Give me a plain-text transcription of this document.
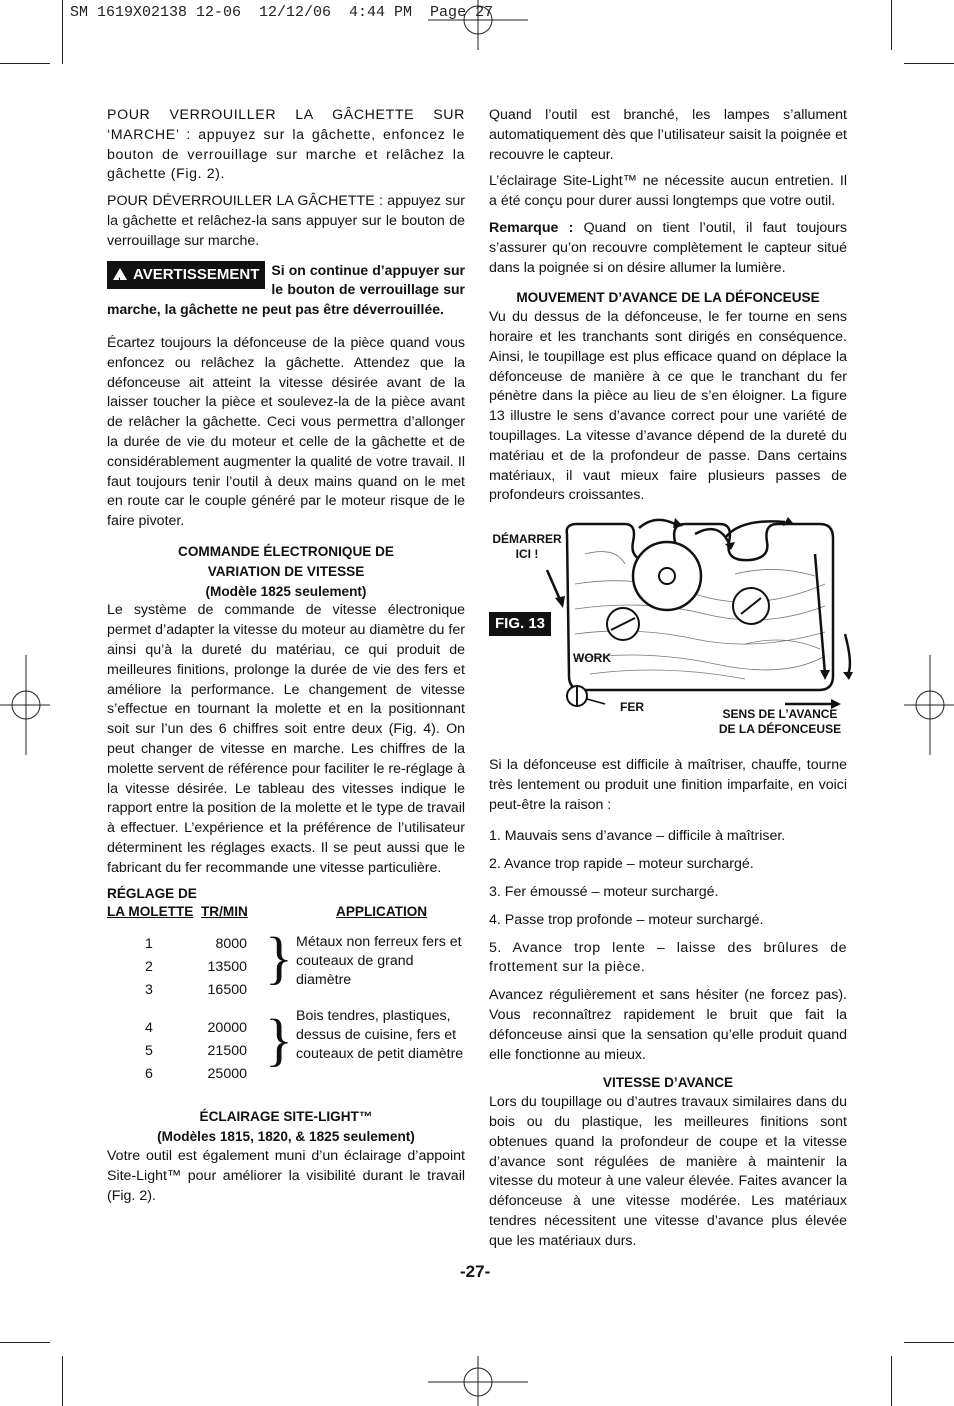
SM 1619X02138 12-06  12/12/06  4:44 PM  Page 27

POUR VERROUILLER LA GÂCHETTE SUR ‘MARCHE’ : appuyez sur la gâchette, enfoncez le bouton de verrouillage sur marche et relâchez la gâchette (Fig. 2).

POUR DÉVERROUILLER LA GÂCHETTE : appuyez sur la gâchette et relâchez-la sans appuyer sur le bouton de verrouillage sur marche.

!AVERTISSEMENT Si on continue d’appuyer sur le bouton de verrouillage sur marche, la gâchette ne peut pas être déverrouillée.

Écartez toujours la défonceuse de la pièce quand vous enfoncez ou relâchez la gâchette. Attendez que la défonceuse ait atteint la vitesse désirée avant de la laisser toucher la pièce et soulevez-la de la pièce avant de relâcher la gâchette. Ceci vous permettra d’allonger la durée de vie du moteur et celle de la gâchette et de considérablement augmenter la qualité de votre travail. Il faut toujours tenir l’outil à deux mains quand on le met en route car le couple généré par le moteur risque de le faire pivoter.

COMMANDE ÉLECTRONIQUE DE
VARIATION DE VITESSE
(Modèle 1825 seulement)

Le système de commande de vitesse électronique permet d’adapter la vitesse du moteur au diamètre du fer ainsi qu’à la dureté du matériau, ce qui produit de meilleures finitions, prolonge la durée de vie des fers et améliore la performance. Le changement de vitesse s’effectue en tournant la molette et en la positionnant soit sur l’un des 6 chiffres soit entre deux (Fig. 4). On peut changer de vitesse en marche. Les chiffres de la molette servent de référence pour faciliter le re-réglage à la vitesse désirée. Le tableau des vitesses indique le rapport entre la position de la molette et le type de travail à effectuer. L’expérience et la préférence de l’utilisateur déterminent les réglages exacts. Il se peut aussi que le fabricant du fer recommande une vitesse particulière.

RÉGLAGE DE
LA MOLETTE TR/MIN	APPLICATION
1
2
3
8000
13500
16500 } Métaux non ferreux fers et couteaux de grand diamètre
4
5
6
20000
21500
25000
} Bois tendres, plastiques, dessus de cuisine, fers et couteaux de petit diamètre
ÉCLAIRAGE SITE-LIGHT™
(Modèles 1815, 1820, & 1825 seulement)

Votre outil est également muni d’un éclairage d’appoint Site-Light™ pour améliorer la visibilité durant le travail (Fig. 2).

Quand l’outil est branché, les lampes s’allument automatiquement dès que l’utilisateur saisit la poignée et recouvre le capteur.

L’éclairage Site-Light™ ne nécessite aucun entretien. Il a été conçu pour durer aussi longtemps que votre outil.

Remarque : Quand on tient l’outil, il faut toujours s’assurer qu’on recouvre complètement le capteur situé dans la poignée si on désire allumer la lumière.

MOUVEMENT D’AVANCE DE LA DÉFONCEUSE

Vu du dessus de la défonceuse, le fer tourne en sens horaire et les tranchants sont dirigés en conséquence. Ainsi, le toupillage est plus efficace quand on déplace la défonceuse de manière à ce que le tranchant du fer pénètre dans la pièce au lieu de s’en éloigner. La figure 13 illustre le sens d’avance correct pour une variété de toupillages. La vitesse d’avance dépend de la dureté du matériau et de la profondeur de passe. Dans certains matériaux, il vaut mieux faire plusieurs passes de profondeurs croissantes.

FIG. 13
DÉMARRER
ICI !
WORK
FER	SENS DE L’AVANCE
DE LA DÉFONCEUSE

Si la défonceuse est difficile à maîtriser, chauffe, tourne très lentement ou produit une finition imparfaite, en voici peut-être la raison :

1. Mauvais sens d’avance – difficile à maîtriser.

2. Avance trop rapide – moteur surchargé.

3. Fer émoussé – moteur surchargé.

4. Passe trop profonde – moteur surchargé.

5. Avance trop lente – laisse des brûlures de frottement sur la pièce.

Avancez régulièrement et sans hésiter (ne forcez pas). Vous reconnaîtrez rapidement le bruit que fait la défonceuse ainsi que la sensation qu’elle produit quand elle fonctionne au mieux.

VITESSE D’AVANCE

Lors du toupillage ou d’autres travaux similaires dans du bois ou du plastique, les meilleures finitions sont obtenues quand la profondeur de coupe et la vitesse d’avance sont régulées de manière à maintenir la vitesse du moteur à une valeur élevée. Faites avancer la défonceuse à une vitesse modérée. Les matériaux tendres nécessitent une vitesse d’avance plus élevée que les matériaux durs.

-27-
